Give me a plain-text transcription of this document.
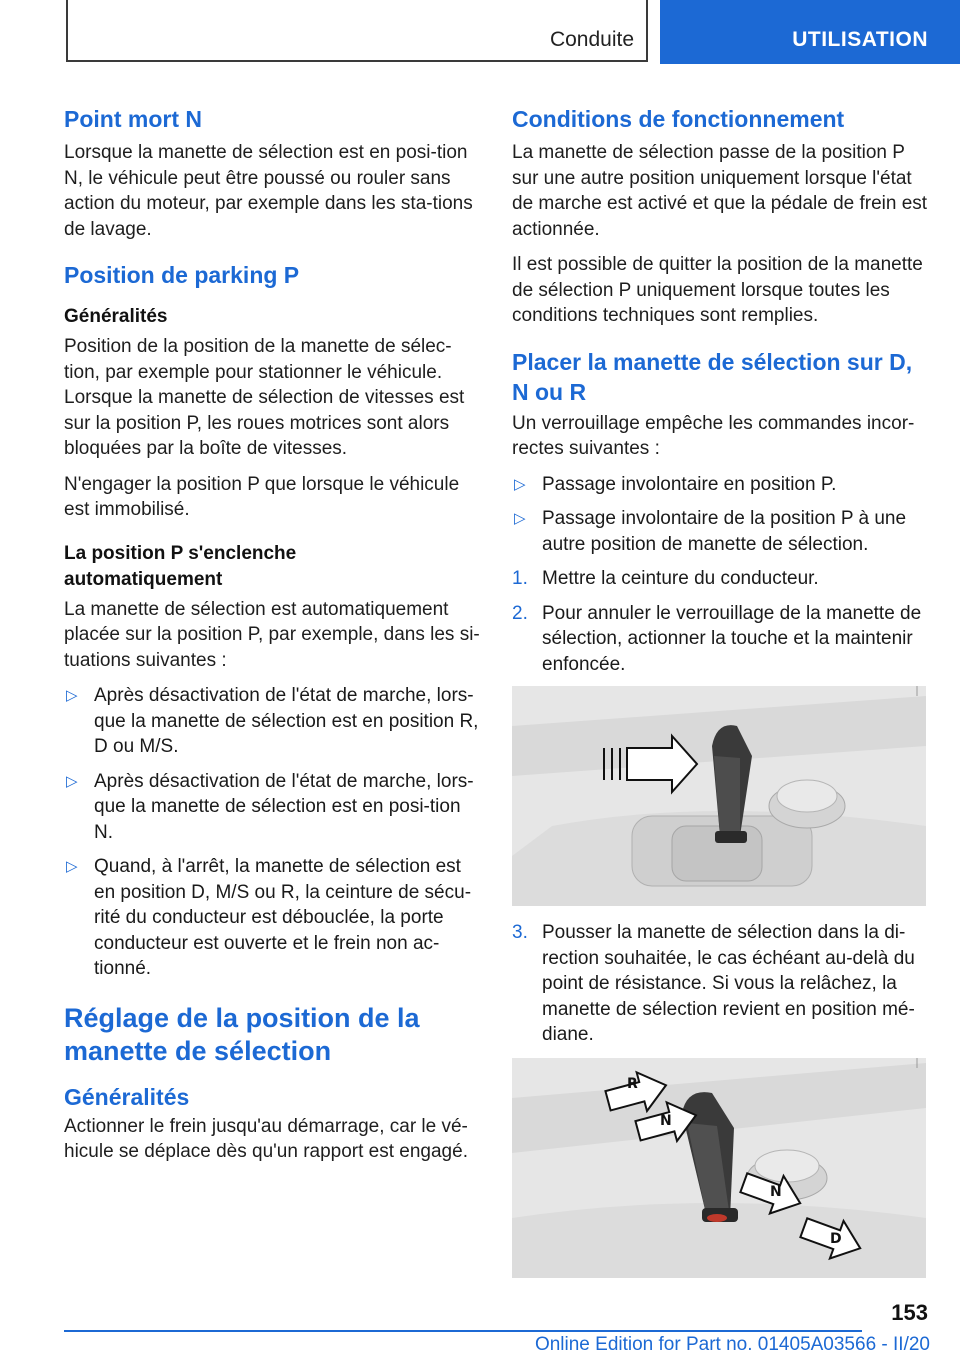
Conduite	UTILISATION
Point mort N

Lorsque la manette de sélection est en posi-tion N, le véhicule peut être poussé ou rouler sans action du moteur, par exemple dans les sta-tions de lavage.

Position de parking P
Généralités

Position de la position de la manette de sélec-tion, par exemple pour stationner le véhicule. Lorsque la manette de sélection de vitesses est sur la position P, les roues motrices sont alors bloquées par la boîte de vitesses.

N'engager la position P que lorsque le véhicule est immobilisé.

La position P s'enclenche automatiquement

La manette de sélection est automatiquement placée sur la position P, par exemple, dans les si-tuations suivantes :

▷ Après désactivation de l'état de marche, lors-que la manette de sélection est en position R, D ou M/S.
▷ Après désactivation de l'état de marche, lors-que la manette de sélection est en posi-tion N.
▷ Quand, à l'arrêt, la manette de sélection est en position D, M/S ou R, la ceinture de sécu-rité du conducteur est débouclée, la porte conducteur est ouverte et le frein non ac-tionné.
Réglage de la position de la manette de sélection
Généralités

Actionner le frein jusqu'au démarrage, car le vé-hicule se déplace dès qu'un rapport est engagé.

Conditions de fonctionnement

La manette de sélection passe de la position P sur une autre position uniquement lorsque l'état de marche est activé et que la pédale de frein est actionnée.

Il est possible de quitter la position de la manette de sélection P uniquement lorsque toutes les conditions techniques sont remplies.

Placer la manette de sélection sur D, N ou R

Un verrouillage empêche les commandes incor-rectes suivantes :

▷ Passage involontaire en position P.
▷ Passage involontaire de la position P à une autre position de manette de sélection.
1. Mettre la ceinture du conducteur.
2. Pour annuler le verrouillage de la manette de sélection, actionner la touche et la maintenir enfoncée.
3. Pousser la manette de sélection dans la di-rection souhaitée, le cas échéant au-delà du point de résistance. Si vous la relâchez, la manette de sélection revient en position mé-diane.
R
N
N
D
153
Online Edition for Part no. 01405A03566 - II/20
